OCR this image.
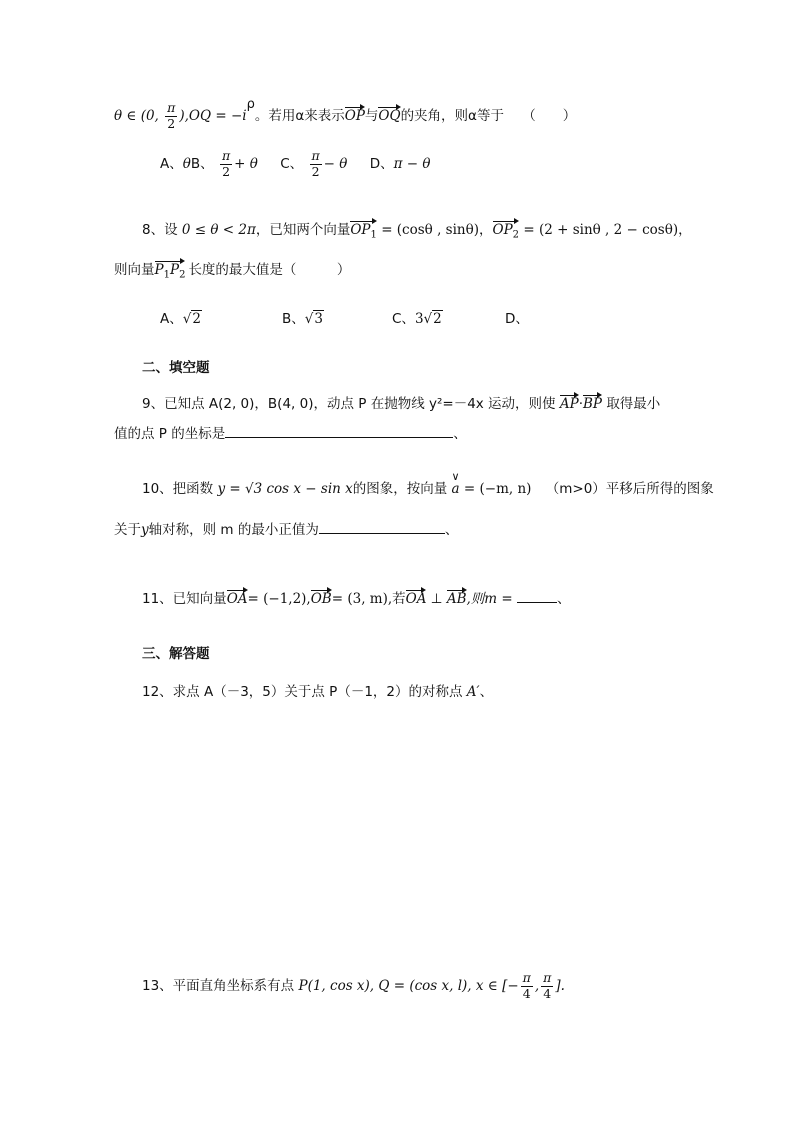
θ ∈ (0, $\frac{\pi}{2} ),OQ = -i\rho$。若用α来表示OP与OQ的夹角，则α等于 （　　）
A、θB、 $\frac{\pi}{2} + \theta$ C、 $\frac{\pi}{2} - \theta$ D、π − θ
8、设 0 ≤ θ < 2π，已知两个向量$OP_1 = (\cos\theta$ , sinθ)，$OP_2 = (2 + \sin\theta$ , 2 − cosθ)，
则向量$P_1P_2$ 长度的最大值是（　　　）
A、√2	B、√3	C、3√2	D、
二、填空题
9、已知点 A(2, 0)，B(4, 0)，动点 P 在抛物线 y²=－4x 运动，则使 AP·BP 取得最小
值的点 P 的坐标是	、
10、把函数 y = √3 cos x − sin x的图象，按向量
∨
a = (−m, n) （m>0）平移后所得的图象
关于y轴对称，则 m 的最小正值为	、
11、已知向量OA= (−1,2),OB= (3, m),若OA ⊥ AB,则m =	、
三、解答题
12、求点 A（－3，5）关于点 P（－1，2）的对称点 A′、
13、平面直角坐标系有点 P(1, cos x), Q = (cos x, l), x ∈ [− $\frac{\pi}{4}$ , $\frac{\pi}{4}$ ].
